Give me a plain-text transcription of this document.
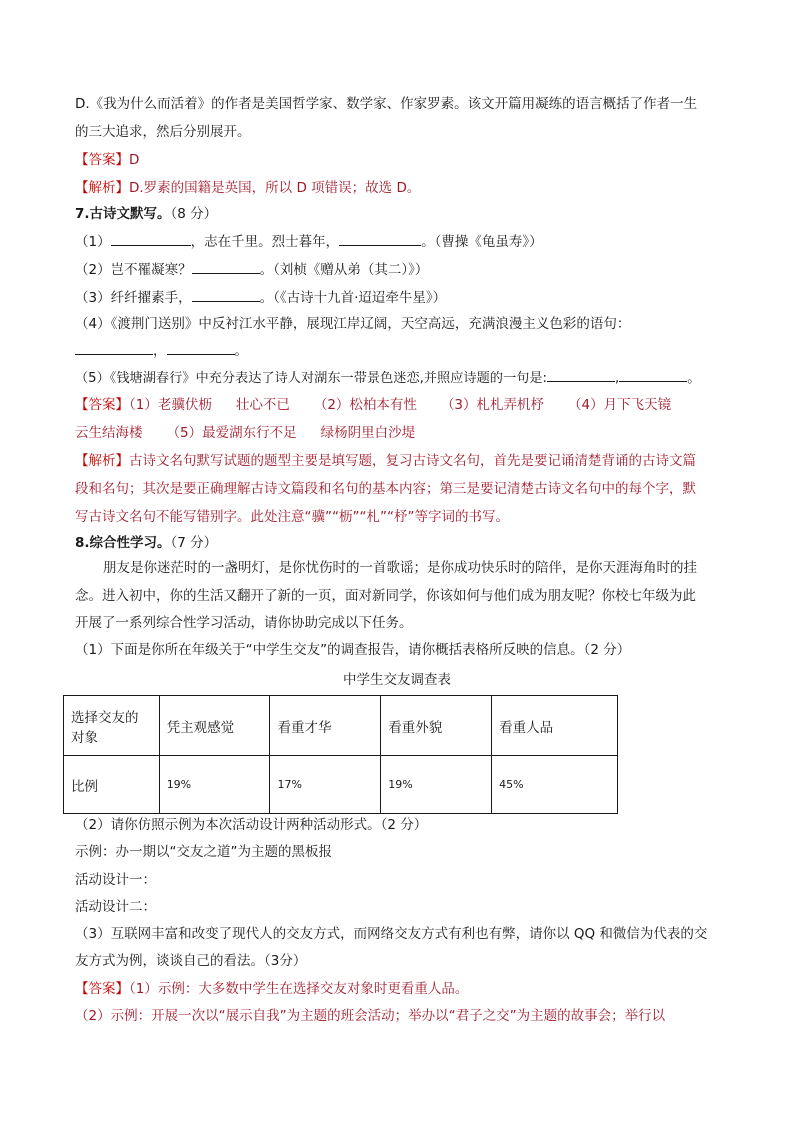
D.《我为什么而活着》的作者是美国哲学家、数学家、作家罗素。该文开篇用凝练的语言概括了作者一生
的三大追求，然后分别展开。
【答案】D
【解析】D.罗素的国籍是英国，所以 D 项错误；故选 D。
7.古诗文默写。（8 分）
（1）	，志在千里。烈士暮年，	。（曹操《龟虽寿》）
（2）岂不罹凝寒？	。（刘桢《赠从弟（其二）》）
（3）纤纤擢素手，	。（《古诗十九首·迢迢牵牛星》）
（4）《渡荆门送别》中反衬江水平静，展现江岸辽阔，天空高远，充满浪漫主义色彩的语句：
，	。
（5）《钱塘湖春行》中充分表达了诗人对湖东一带景色迷恋,并照应诗题的一句是:	,	。
【答案】（1）老骥伏枥 壮心不已 （2）松柏本有性 （3）札札弄机杼 （4）月下飞天镜
云生结海楼 （5）最爱湖东行不足 绿杨阴里白沙堤
【解析】古诗文名句默写试题的题型主要是填写题，复习古诗文名句，首先是要记诵清楚背诵的古诗文篇
段和名句；其次是要正确理解古诗文篇段和名句的基本内容；第三是要记清楚古诗文名句中的每个字，默
写古诗文名句不能写错别字。此处注意“骥”“枥”“札”“杼”等字词的书写。
8.综合性学习。（7 分）
朋友是你迷茫时的一盏明灯，是你忧伤时的一首歌谣；是你成功快乐时的陪伴，是你天涯海角时的挂
念。进入初中，你的生活又翻开了新的一页，面对新同学，你该如何与他们成为朋友呢？你校七年级为此
开展了一系列综合性学习活动，请你协助完成以下任务。
（1）下面是你所在年级关于“中学生交友”的调查报告，请你概括表格所反映的信息。（2 分）
中学生交友调查表
选择交友的对象	凭主观感觉	看重才华	看重外貌	看重人品
比例	19%	17%	19%	45%
（2）请你仿照示例为本次活动设计两种活动形式。（2 分）
示例：办一期以“交友之道”为主题的黑板报
活动设计一：
活动设计二：
（3）互联网丰富和改变了现代人的交友方式，而网络交友方式有利也有弊，请你以 QQ 和微信为代表的交
友方式为例，谈谈自己的看法。（3分）
【答案】（1）示例：大多数中学生在选择交友对象时更看重人品。
（2）示例：开展一次以“展示自我”为主题的班会活动；举办以“君子之交”为主题的故事会；举行以
